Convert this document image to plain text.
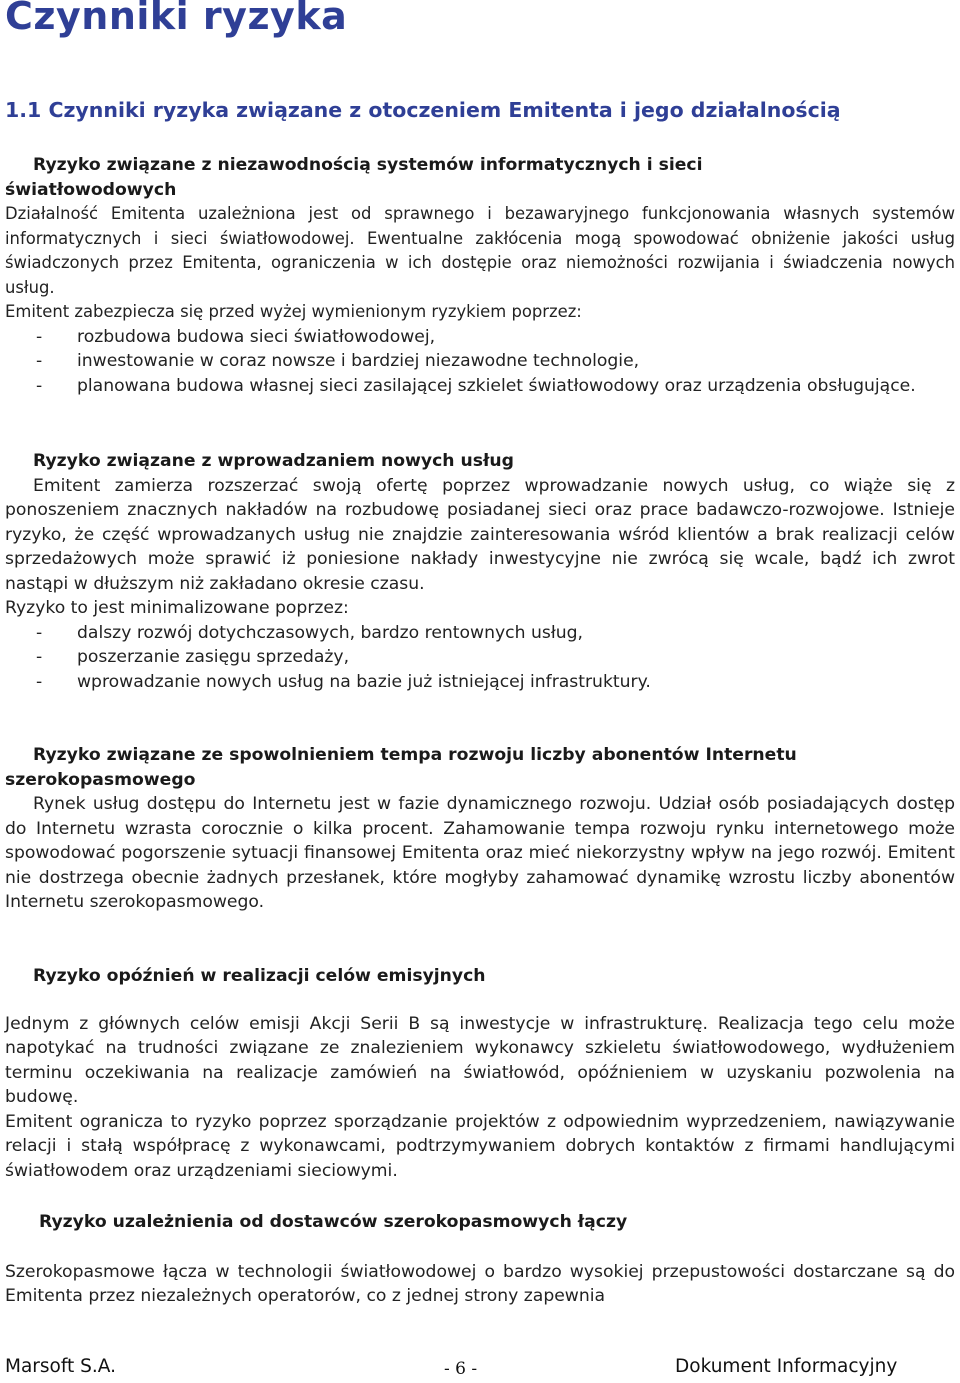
Czynniki ryzyka
1.1 Czynniki ryzyka związane z otoczeniem Emitenta i jego działalnością
Ryzyko związane z niezawodnością systemów informatycznych i sieci
światłowodowych

Działalność Emitenta uzależniona jest od sprawnego i bezawaryjnego funkcjonowania własnych systemów informatycznych i sieci światłowodowej. Ewentualne zakłócenia mogą spowodować obniżenie jakości usług świadczonych przez Emitenta, ograniczenia w ich dostępie oraz niemożności rozwijania i świadczenia nowych usług.

Emitent zabezpiecza się przed wyżej wymienionym ryzykiem poprzez:

- rozbudowa budowa sieci światłowodowej,
- inwestowanie w coraz nowsze i bardziej niezawodne technologie,
- planowana budowa własnej sieci zasilającej szkielet światłowodowy oraz urządzenia obsługujące.
Ryzyko związane z wprowadzaniem nowych usług

Emitent zamierza rozszerzać swoją ofertę poprzez wprowadzanie nowych usług, co wiąże się z ponoszeniem znacznych nakładów na rozbudowę posiadanej sieci oraz prace badawczo-rozwojowe. Istnieje ryzyko, że część wprowadzanych usług nie znajdzie zainteresowania wśród klientów a brak realizacji celów sprzedażowych może sprawić iż poniesione nakłady inwestycyjne nie zwrócą się wcale, bądź ich zwrot nastąpi w dłuższym niż zakładano okresie czasu.

Ryzyko to jest minimalizowane poprzez:

- dalszy rozwój dotychczasowych, bardzo rentownych usług,
- poszerzanie zasięgu sprzedaży,
- wprowadzanie nowych usług na bazie już istniejącej infrastruktury.
Ryzyko związane ze spowolnieniem tempa rozwoju liczby abonentów Internetu
szerokopasmowego

Rynek usług dostępu do Internetu jest w fazie dynamicznego rozwoju. Udział osób posiadających dostęp do Internetu wzrasta corocznie o kilka procent. Zahamowanie tempa rozwoju rynku internetowego może spowodować pogorszenie sytuacji finansowej Emitenta oraz mieć niekorzystny wpływ na jego rozwój. Emitent nie dostrzega obecnie żadnych przesłanek, które mogłyby zahamować dynamikę wzrostu liczby abonentów Internetu szerokopasmowego.

Ryzyko opóźnień w realizacji celów emisyjnych

Jednym z głównych celów emisji Akcji Serii B są inwestycje w infrastrukturę. Realizacja tego celu może napotykać na trudności związane ze znalezieniem wykonawcy szkieletu światłowodowego, wydłużeniem terminu oczekiwania na realizacje zamówień na światłowód, opóźnieniem w uzyskaniu pozwolenia na budowę.

Emitent ogranicza to ryzyko poprzez sporządzanie projektów z odpowiednim wyprzedzeniem, nawiązywanie relacji i stałą współpracę z wykonawcami, podtrzymywaniem dobrych kontaktów z firmami handlującymi światłowodem oraz urządzeniami sieciowymi.

Ryzyko uzależnienia od dostawców szerokopasmowych łączy

Szerokopasmowe łącza w technologii światłowodowej o bardzo wysokiej przepustowości dostarczane są do Emitenta przez niezależnych operatorów, co z jednej strony zapewnia

Marsoft S.A.	- 6 -	Dokument Informacyjny
